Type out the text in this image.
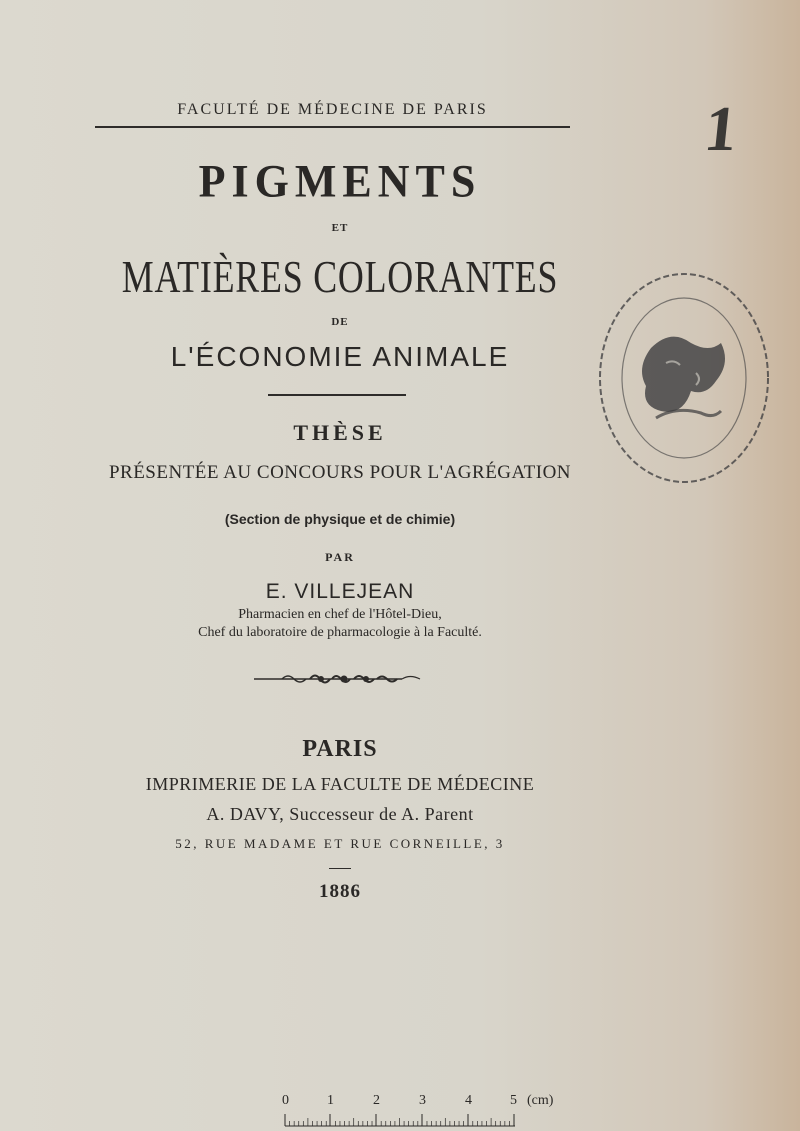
FACULTÉ DE MÉDECINE DE PARIS	1
PIGMENTS
ET
MATIÈRES COLORANTES
DE
L'ÉCONOMIE ANIMALE
THÈSE
PRÉSENTÉE AU CONCOURS POUR L'AGRÉGATION
(Section de physique et de chimie)
PAR
E. VILLEJEAN
Pharmacien en chef de l'Hôtel-Dieu,
Chef du laboratoire de pharmacologie à la Faculté.
PARIS
IMPRIMERIE DE LA FACULTE DE MÉDECINE
A. DAVY, Successeur de A. Parent
52, RUE MADAME ET RUE CORNEILLE, 3
1886
0	1	2	3	4	5 (cm)
